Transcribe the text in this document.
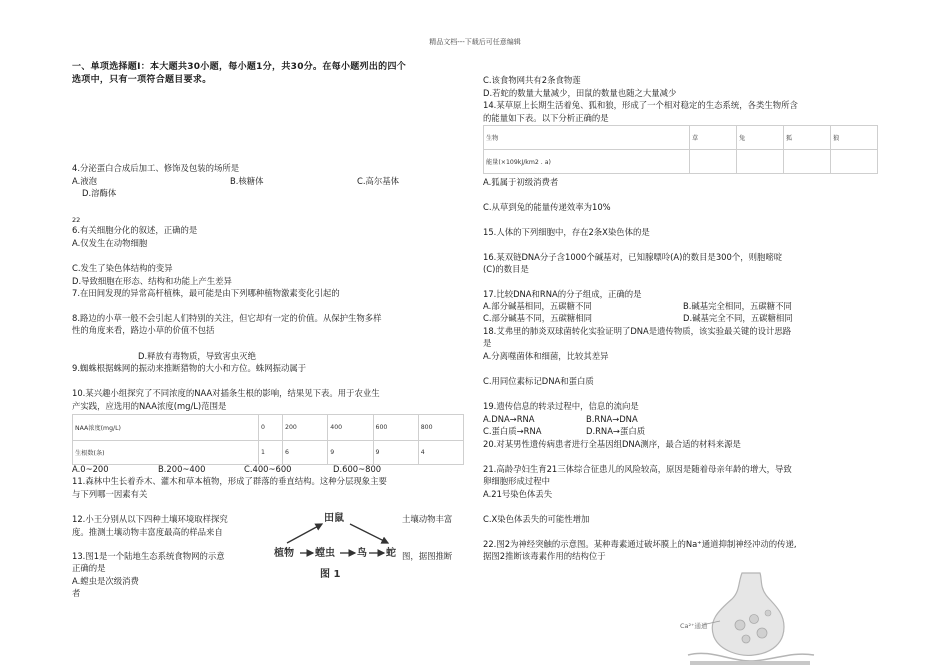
精品文档---下载后可任意编辑
一、单项选择题Ⅰ：本大题共30小题，每小题1分，共30分。在每小题列出的四个
选项中，只有一项符合题目要求。
4.分泌蛋白合成后加工、修饰及包装的场所是
A.液泡	B.核糖体	C.高尔基体
D.溶酶体
22
6.有关细胞分化的叙述，正确的是
A.仅发生在动物细胞
C.发生了染色体结构的变异
D.导致细胞在形态、结构和功能上产生差异
7.在田间发现的异常高杆植株，最可能是由下列哪种植物激素变化引起的
8.路边的小草一般不会引起人们特别的关注，但它却有一定的价值。从保护生物多样
性的角度来看，路边小草的价值不包括
D.释放有毒物质，导致害虫灭绝
9.蜘蛛根据蛛网的振动来推断猎物的大小和方位。蛛网振动属于
10.某兴趣小组探究了不同浓度的NAA对插条生根的影响，结果见下表。用于农业生
产实践，应选用的NAA浓度(mg/L)范围是
NAA浓度(mg/L)	0	200	400	600	800
生根数(条)	1	6	9	9	4
A.0~200	B.200~400	C.400~600	D.600~800
11.森林中生长着乔木、灌木和草本植物，形成了群落的垂直结构。这种分层现象主要
与下列哪一因素有关
12.小王分别从以下四种土壤环境取样探究	土壤动物丰富
度。推测土壤动物丰富度最高的样品来自
13.图1是一个陆地生态系统食物网的示意	图，据图推断
正确的是
A.螳虫是次级消费
者
田鼠
植物 螳虫 鸟 蛇
图 1
C.该食物网共有2条食物莲
D.若蛇的数量大量减少，田鼠的数量也随之大量减少
14.某草原上长期生活着兔、狐和狼，形成了一个相对稳定的生态系统，各类生物所含
的能量如下表。以下分析正确的是
生物	草	兔	狐	狼
能量(×109kJ/km2 . a)				
A.狐属于初级消费者
C.从草到兔的能量传递效率为10%
15.人体的下列细胞中，存在2条X染色体的是
16.某双链DNA分子含1000个碱基对，已知腺嘌呤(A)的数目是300个，则胞嘧啶
(C)的数目是
17.比较DNA和RNA的分子组成，正确的是
A.部分碱基相同，五碳糖不同	B.碱基完全相同，五碳糖不同
C.部分碱基不同，五碳糖相同	D.碱基完全不同，五碳糖相同
18.艾弗里的肺炎双球菌转化实验证明了DNA是遗传物质，该实验最关键的设计思路
是
A.分离噬菌体和细菌，比较其差异
C.用同位素标记DNA和蛋白质
19.遗传信息的转录过程中，信息的流向是
A.DNA→RNA	B.RNA→DNA
C.蛋白质→RNA	D.RNA→蛋白质
20.对某男性遗传病患者进行全基因组DNA测序，最合适的材料来源是
21.高龄孕妇生育21三体综合征患儿的风险较高，原因是随着母亲年龄的增大，导致
卵细胞形成过程中
A.21号染色体丢失
C.X染色体丢失的可能性增加
22.图2为神经突触的示意图。某种毒素通过破坏膜上的Na⁺通道抑制神经冲动的传递,
据图2推断该毒素作用的结构位于
Ca²⁺通道
